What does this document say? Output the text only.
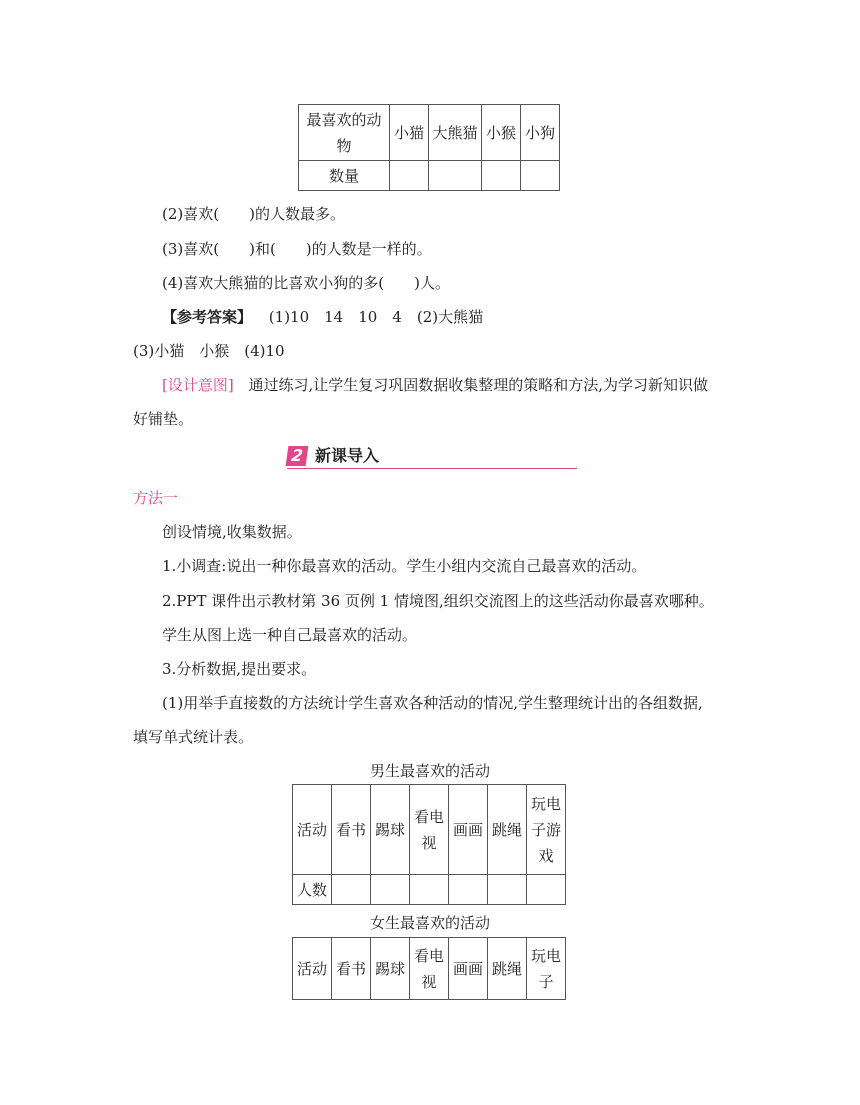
最喜欢的动物	小猫	大熊猫	小猴	小狗
数量				
(2)喜欢(　　)的人数最多。
(3)喜欢(　　)和(　　)的人数是一样的。
(4)喜欢大熊猫的比喜欢小狗的多(　　)人。
【参考答案】 (1)10　14　10　4　(2)大熊猫
(3)小猫　小猴　(4)10
[设计意图] 通过练习,让学生复习巩固数据收集整理的策略和方法,为学习新知识做
好铺垫。
2 新课导入
方法一
创设情境,收集数据。
1.小调查:说出一种你最喜欢的活动。学生小组内交流自己最喜欢的活动。
2.PPT 课件出示教材第 36 页例 1 情境图,组织交流图上的这些活动你最喜欢哪种。
学生从图上选一种自己最喜欢的活动。
3.分析数据,提出要求。
(1)用举手直接数的方法统计学生喜欢各种活动的情况,学生整理统计出的各组数据,
填写单式统计表。
男生最喜欢的活动
活动	看书	踢球	看电视	画画	跳绳	玩电子游戏
人数						
女生最喜欢的活动
活动	看书	踢球	看电视	画画	跳绳	玩电子
